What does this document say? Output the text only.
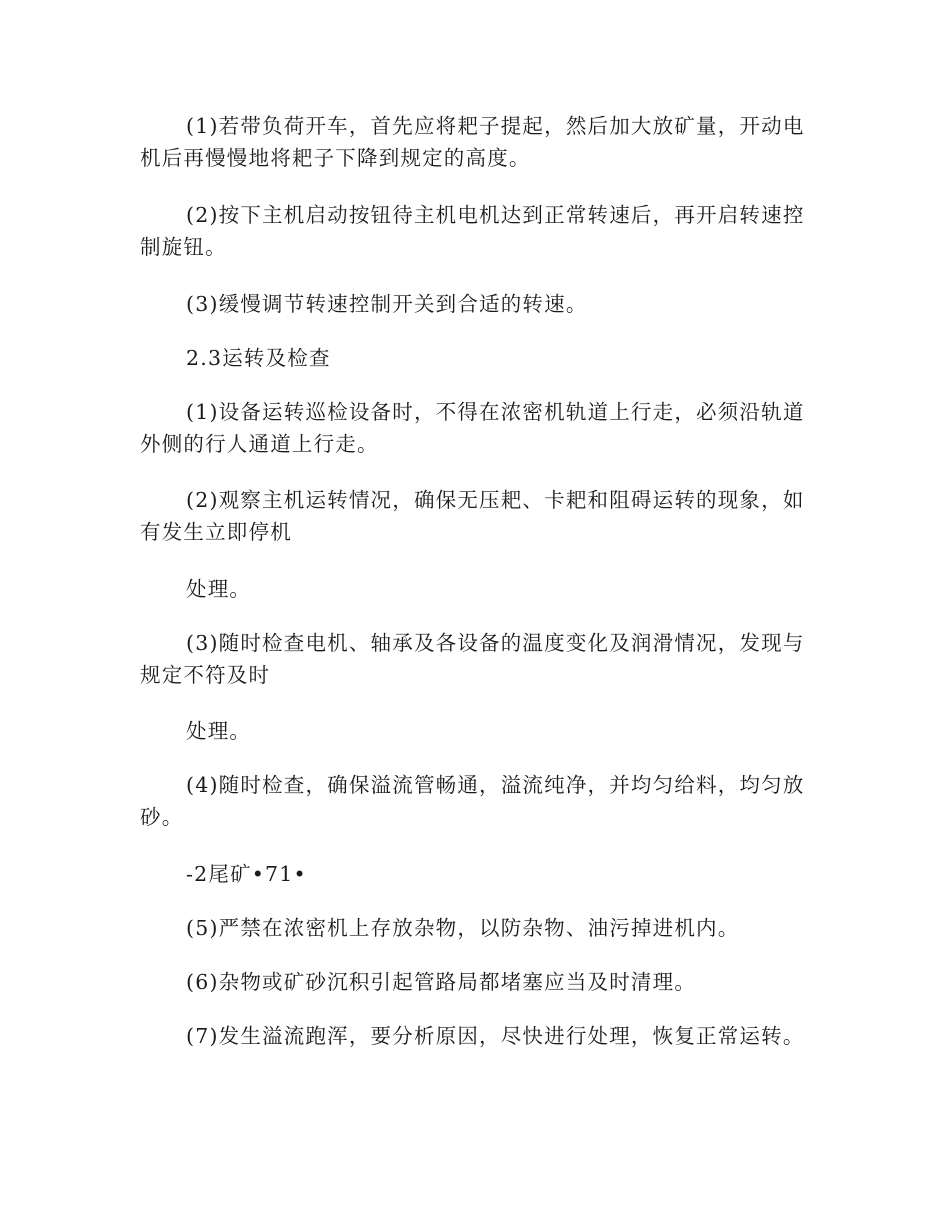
(1)若带负荷开车，首先应将耙子提起，然后加大放矿量，开动电机后再慢慢地将耙子下降到规定的高度。

(2)按下主机启动按钮待主机电机达到正常转速后，再开启转速控制旋钮。

(3)缓慢调节转速控制开关到合适的转速。

2.3运转及检查

(1)设备运转巡检设备时，不得在浓密机轨道上行走，必须沿轨道外侧的行人通道上行走。

(2)观察主机运转情况，确保无压耙、卡耙和阻碍运转的现象，如有发生立即停机

处理。

(3)随时检查电机、轴承及各设备的温度变化及润滑情况，发现与规定不符及时

处理。

(4)随时检查，确保溢流管畅通，溢流纯净，并均匀给料，均匀放砂。

-2尾矿•71•

(5)严禁在浓密机上存放杂物，以防杂物、油污掉进机内。

(6)杂物或矿砂沉积引起管路局都堵塞应当及时清理。

(7)发生溢流跑浑，要分析原因，尽快进行处理，恢复正常运转。
